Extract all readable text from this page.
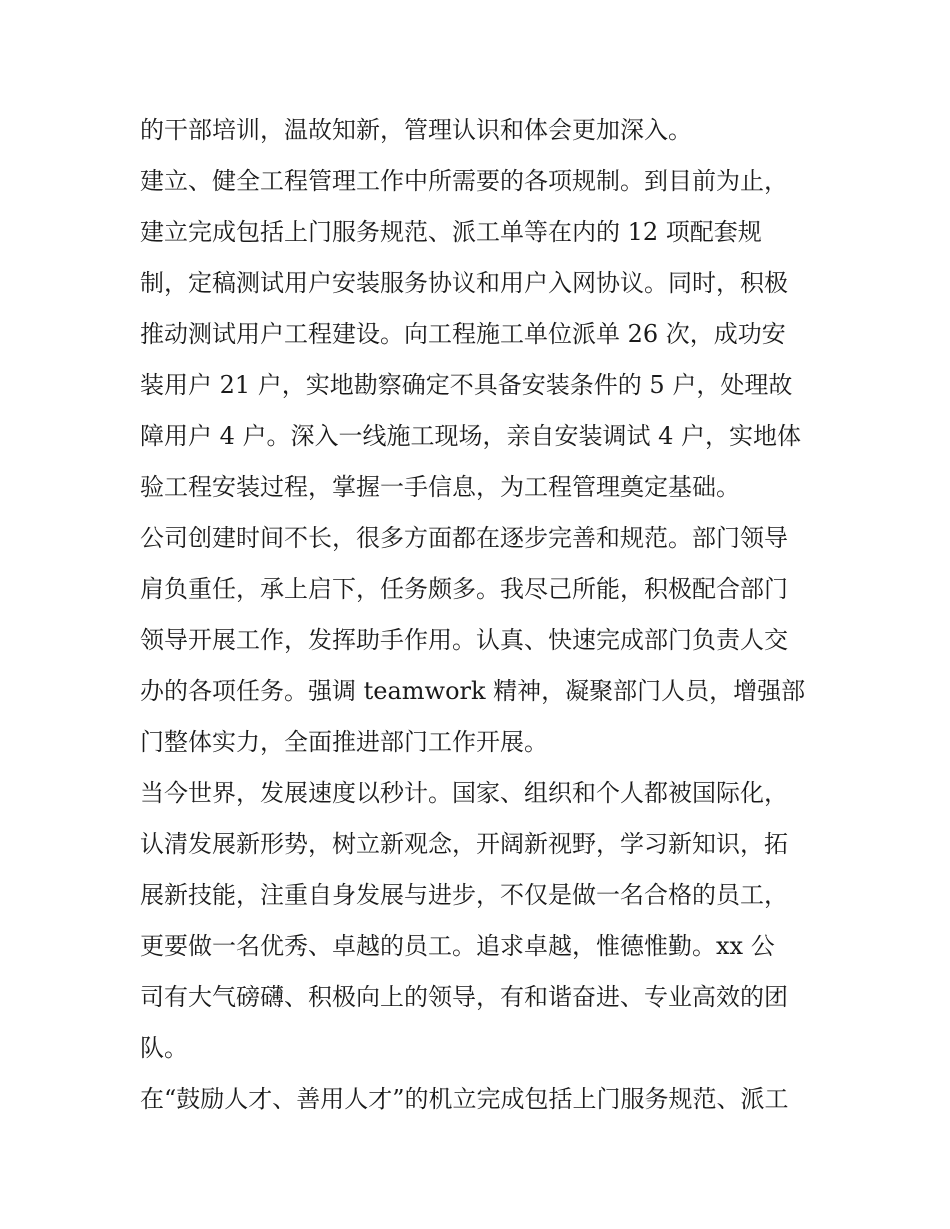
的干部培训，温故知新，管理认识和体会更加深入。
建立、健全工程管理工作中所需要的各项规制。到目前为止，
建立完成包括上门服务规范、派工单等在内的 12 项配套规
制，定稿测试用户安装服务协议和用户入网协议。同时，积极
推动测试用户工程建设。向工程施工单位派单 26 次，成功安
装用户 21 户，实地勘察确定不具备安装条件的 5 户，处理故
障用户 4 户。深入一线施工现场，亲自安装调试 4 户，实地体
验工程安装过程，掌握一手信息，为工程管理奠定基础。
公司创建时间不长，很多方面都在逐步完善和规范。部门领导
肩负重任，承上启下，任务颇多。我尽己所能，积极配合部门
领导开展工作，发挥助手作用。认真、快速完成部门负责人交
办的各项任务。强调 teamwork 精神，凝聚部门人员，增强部
门整体实力，全面推进部门工作开展。
当今世界，发展速度以秒计。国家、组织和个人都被国际化，
认清发展新形势，树立新观念，开阔新视野，学习新知识，拓
展新技能，注重自身发展与进步，不仅是做一名合格的员工，
更要做一名优秀、卓越的员工。追求卓越，惟德惟勤。xx 公
司有大气磅礴、积极向上的领导，有和谐奋进、专业高效的团
队。
在“鼓励人才、善用人才”的机立完成包括上门服务规范、派工
